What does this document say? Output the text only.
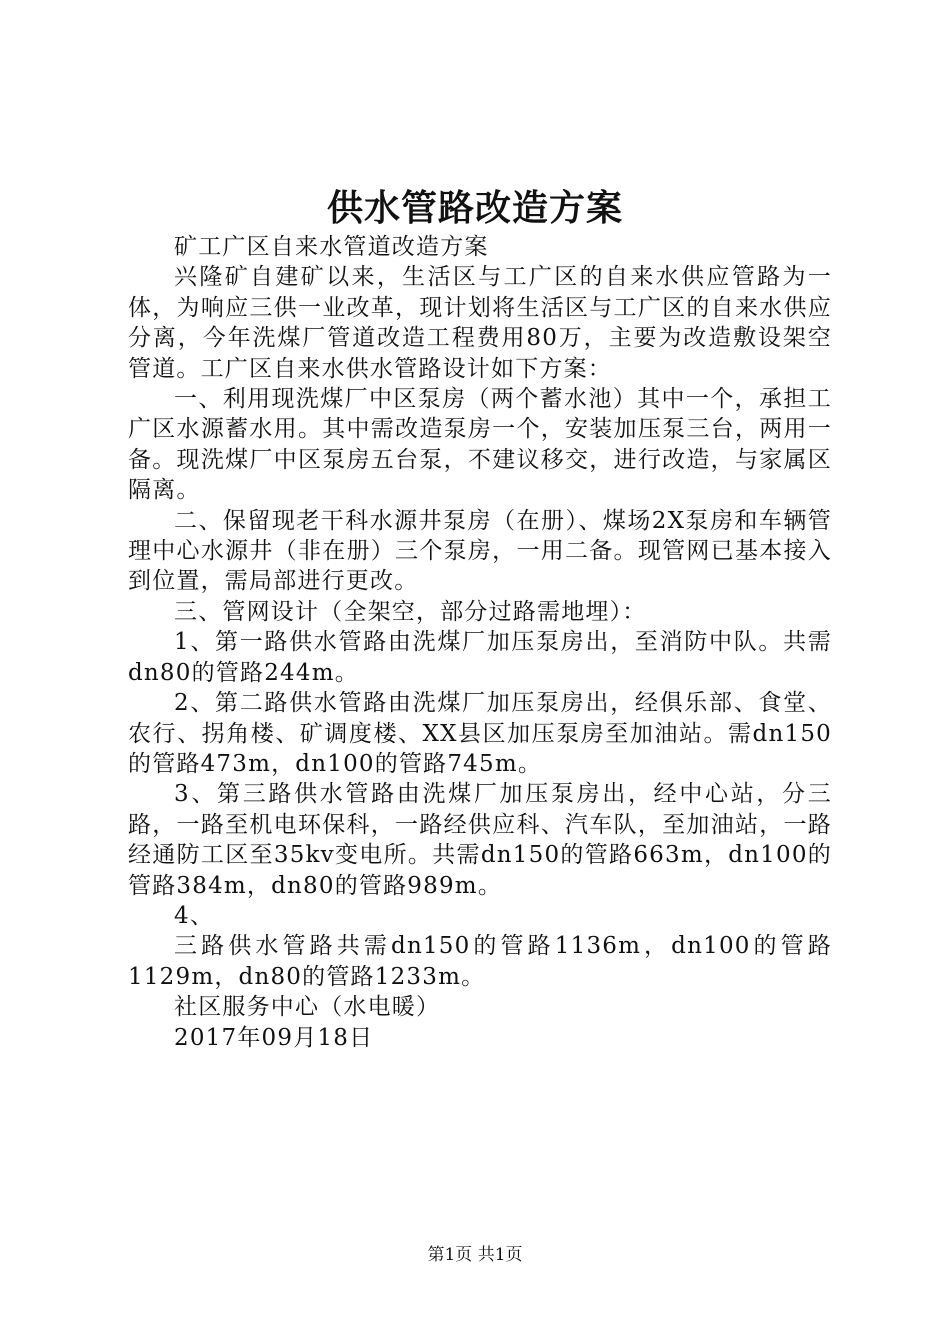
供水管路改造方案

矿工广区自来水管道改造方案

兴隆矿自建矿以来，生活区与工广区的自来水供应管路为一体，为响应三供一业改革，现计划将生活区与工广区的自来水供应分离，今年洗煤厂管道改造工程费用80万，主要为改造敷设架空管道。工广区自来水供水管路设计如下方案：

一、利用现洗煤厂中区泵房（两个蓄水池）其中一个，承担工广区水源蓄水用。其中需改造泵房一个，安装加压泵三台，两用一备。现洗煤厂中区泵房五台泵，不建议移交，进行改造，与家属区隔离。

二、保留现老干科水源井泵房（在册）、煤场2X泵房和车辆管理中心水源井（非在册）三个泵房，一用二备。现管网已基本接入到位置，需局部进行更改。

三、管网设计（全架空，部分过路需地埋）：

1、第一路供水管路由洗煤厂加压泵房出，至消防中队。共需dn80的管路244m。

2、第二路供水管路由洗煤厂加压泵房出，经俱乐部、食堂、农行、拐角楼、矿调度楼、XX县区加压泵房至加油站。需dn150的管路473m，dn100的管路745m。

3、第三路供水管路由洗煤厂加压泵房出，经中心站，分三路，一路至机电环保科，一路经供应科、汽车队，至加油站，一路经通防工区至35kv变电所。共需dn150的管路663m，dn100的管路384m，dn80的管路989m。

4、

三路供水管路共需dn150的管路1136m，dn100的管路1129m，dn80的管路1233m。

社区服务中心（水电暖）

2017年09月18日

第1页 共1页
